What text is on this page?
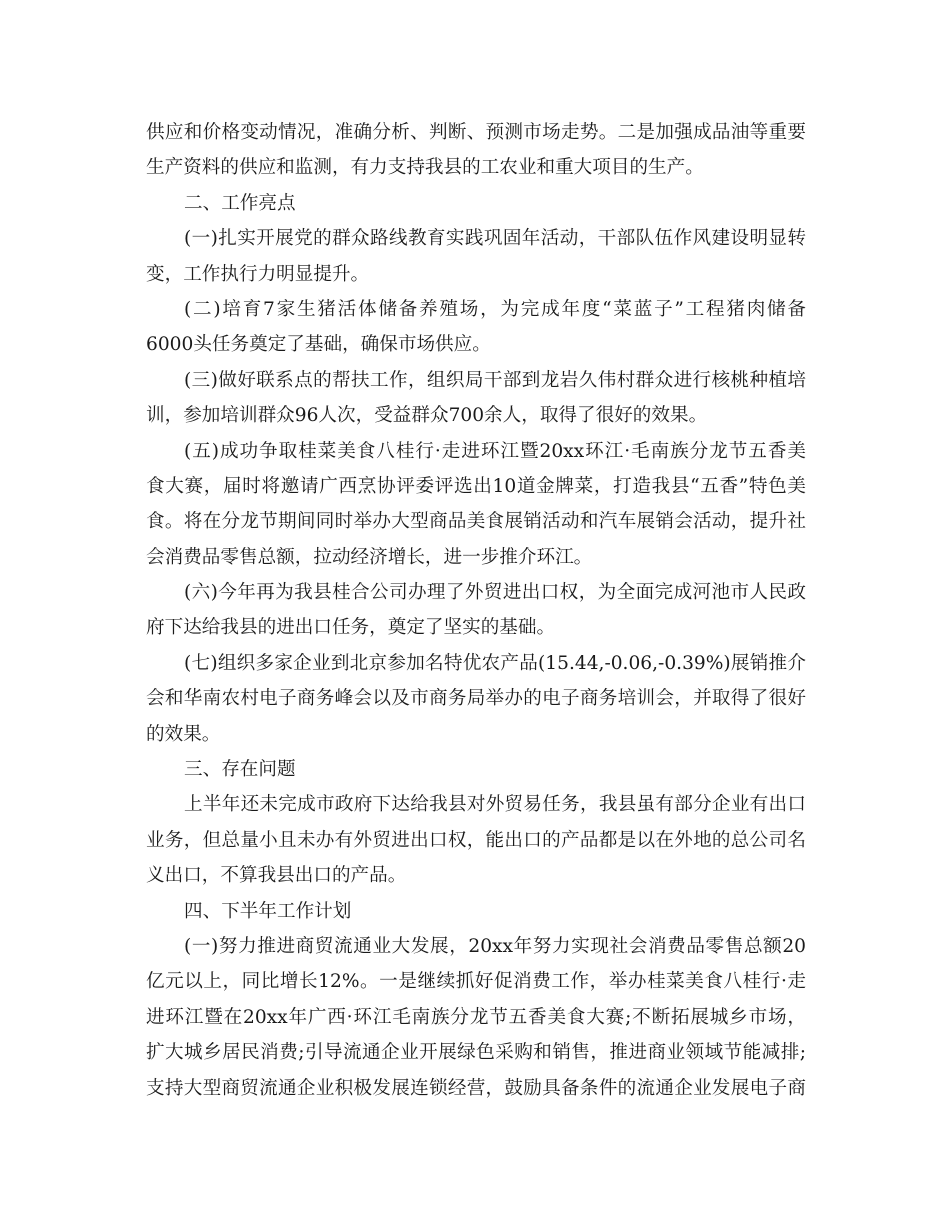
供应和价格变动情况，准确分析、判断、预测市场走势。二是加强成品油等重要
生产资料的供应和监测，有力支持我县的工农业和重大项目的生产。
二、工作亮点
(一)扎实开展党的群众路线教育实践巩固年活动，干部队伍作风建设明显转
变，工作执行力明显提升。
(二)培育7家生猪活体储备养殖场，为完成年度“菜蓝子”工程猪肉储备
6000头任务奠定了基础，确保市场供应。
(三)做好联系点的帮扶工作，组织局干部到龙岩久伟村群众进行核桃种植培
训，参加培训群众96人次，受益群众700余人，取得了很好的效果。
(五)成功争取桂菜美食八桂行·走进环江暨20xx环江·毛南族分龙节五香美
食大赛，届时将邀请广西烹协评委评选出10道金牌菜，打造我县“五香”特色美
食。将在分龙节期间同时举办大型商品美食展销活动和汽车展销会活动，提升社
会消费品零售总额，拉动经济增长，进一步推介环江。
(六)今年再为我县桂合公司办理了外贸进出口权，为全面完成河池市人民政
府下达给我县的进出口任务，奠定了坚实的基础。
(七)组织多家企业到北京参加名特优农产品(15.44,-0.06,-0.39%)展销推介
会和华南农村电子商务峰会以及市商务局举办的电子商务培训会，并取得了很好
的效果。
三、存在问题
上半年还未完成市政府下达给我县对外贸易任务，我县虽有部分企业有出口
业务，但总量小且未办有外贸进出口权，能出口的产品都是以在外地的总公司名
义出口，不算我县出口的产品。
四、下半年工作计划
(一)努力推进商贸流通业大发展，20xx年努力实现社会消费品零售总额20
亿元以上，同比增长12%。一是继续抓好促消费工作，举办桂菜美食八桂行·走
进环江暨在20xx年广西·环江毛南族分龙节五香美食大赛;不断拓展城乡市场，
扩大城乡居民消费;引导流通企业开展绿色采购和销售，推进商业领域节能减排;
支持大型商贸流通企业积极发展连锁经营，鼓励具备条件的流通企业发展电子商
